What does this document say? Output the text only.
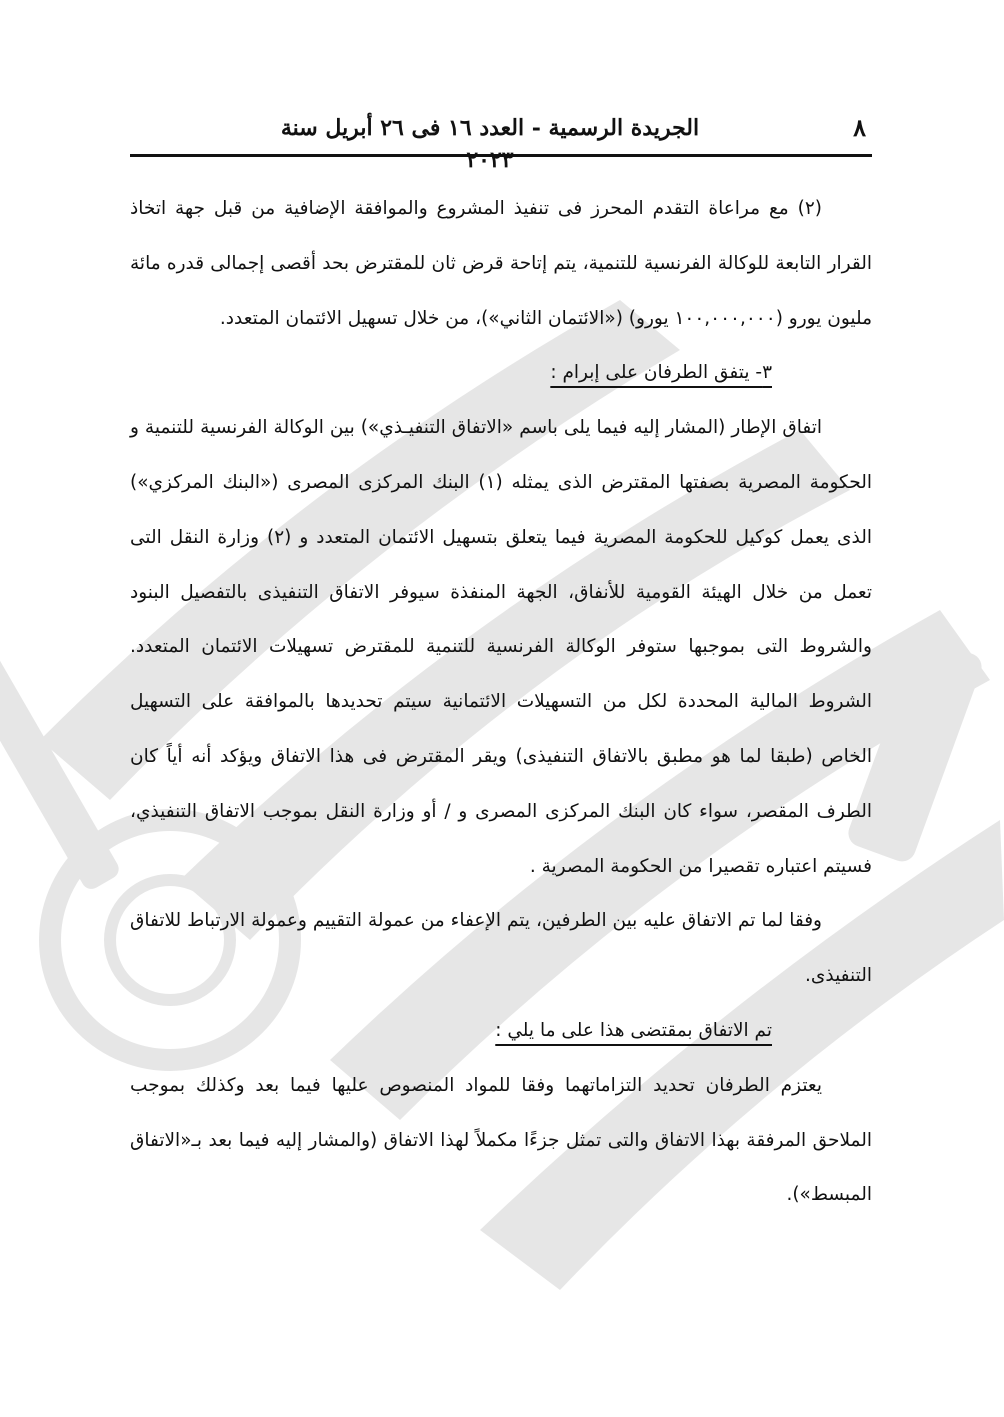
٨
الجريدة الرسمية - العدد ١٦ فى ٢٦ أبريل سنة ٢٠٢٣

(٢) مع مراعاة التقدم المحرز فى تنفيذ المشروع والموافقة الإضافية من قبل جهة اتخاذ القرار التابعة للوكالة الفرنسية للتنمية، يتم إتاحة قرض ثان للمقترض بحد أقصى إجمالى قدره مائة مليون يورو (١٠٠,٠٠٠,٠٠٠ يورو) («الائتمان الثاني»)، من خلال تسهيل الائتمان المتعدد.

٣- يتفق الطرفان على إبرام :

اتفاق الإطار (المشار إليه فيما يلى باسم «الاتفاق التنفيـذي») بين الوكالة الفرنسية للتنمية و الحكومة المصرية بصفتها المقترض الذى يمثله (١) البنك المركزى المصرى («البنك المركزي») الذى يعمل كوكيل للحكومة المصرية فيما يتعلق بتسهيل الائتمان المتعدد و (٢) وزارة النقل التى تعمل من خلال الهيئة القومية للأنفاق، الجهة المنفذة سيوفر الاتفاق التنفيذى بالتفصيل البنود والشروط التى بموجبها ستوفر الوكالة الفرنسية للتنمية للمقترض تسهيلات الائتمان المتعدد. الشروط المالية المحددة لكل من التسهيلات الائتمانية سيتم تحديدها بالموافقة على التسهيل الخاص (طبقا لما هو مطبق بالاتفاق التنفيذى) ويقر المقترض فى هذا الاتفاق ويؤكد أنه أياً كان الطرف المقصر، سواء كان البنك المركزى المصرى و / أو وزارة النقل بموجب الاتفاق التنفيذي، فسيتم اعتباره تقصيرا من الحكومة المصرية .

وفقا لما تم الاتفاق عليه بين الطرفين، يتم الإعفاء من عمولة التقييم وعمولة الارتباط للاتفاق التنفيذى.

تم الاتفاق بمقتضى هذا على ما يلي :

يعتزم الطرفان تحديد التزاماتهما وفقا للمواد المنصوص عليها فيما بعد وكذلك بموجب الملاحق المرفقة بهذا الاتفاق والتى تمثل جزءًا مكملاً لهذا الاتفاق (والمشار إليه فيما بعد بـ«الاتفاق المبسط»).
